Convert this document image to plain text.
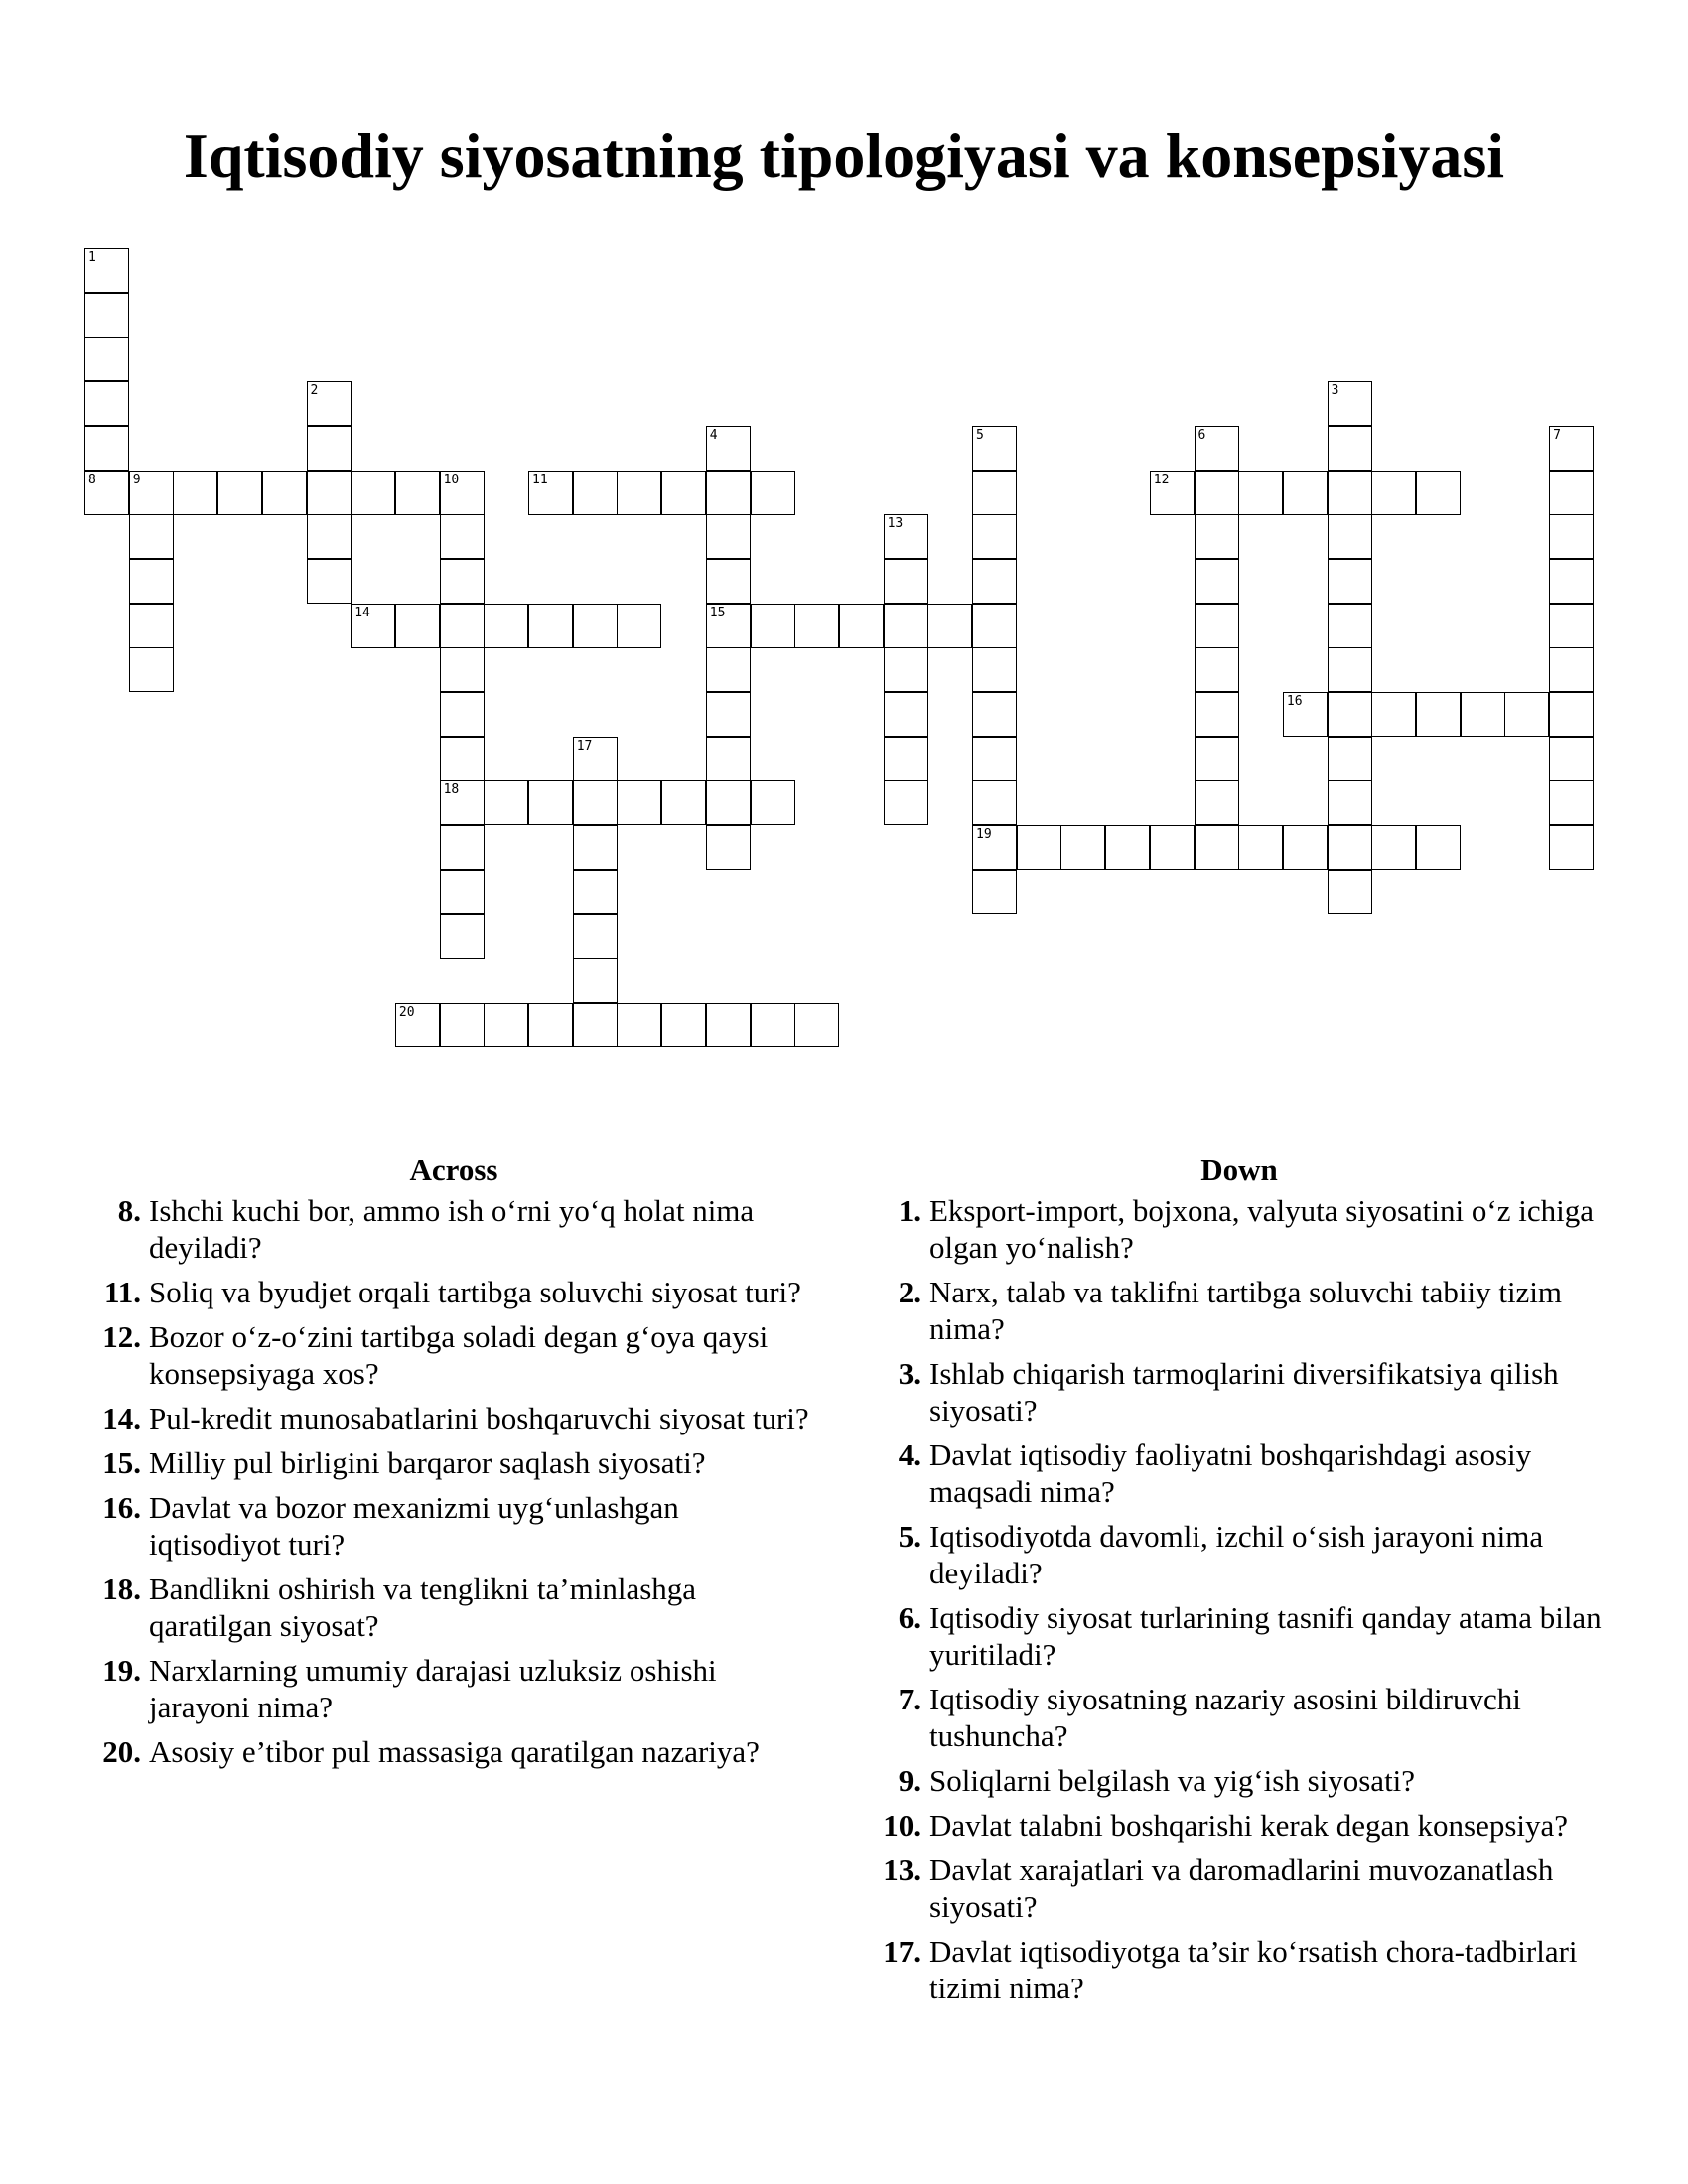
Iqtisodiy siyosatning tipologiyasi va konsepsiyasi
1
8
2	3
4
15
5
19
6	7
9	10
18
11	12
13
14
16
17
20
Across
8. Ishchi kuchi bor, ammo ish o‘rni yo‘q holat nima deyiladi?
11. Soliq va byudjet orqali tartibga soluvchi siyosat turi?
12. Bozor o‘z-o‘zini tartibga soladi degan g‘oya qaysi konsepsiyaga xos?
14. Pul-kredit munosabatlarini boshqaruvchi siyosat turi?
15. Milliy pul birligini barqaror saqlash siyosati?
16. Davlat va bozor mexanizmi uyg‘unlashgan iqtisodiyot turi?
18. Bandlikni oshirish va tenglikni ta’minlashga qaratilgan siyosat?
19. Narxlarning umumiy darajasi uzluksiz oshishi jarayoni nima?
20. Asosiy e’tibor pul massasiga qaratilgan nazariya?
Down
1. Eksport-import, bojxona, valyuta siyosatini o‘z ichiga olgan yo‘nalish?
2. Narx, talab va taklifni tartibga soluvchi tabiiy tizim nima?
3. Ishlab chiqarish tarmoqlarini diversifikatsiya qilish siyosati?
4. Davlat iqtisodiy faoliyatni boshqarishdagi asosiy maqsadi nima?
5. Iqtisodiyotda davomli, izchil o‘sish jarayoni nima deyiladi?
6. Iqtisodiy siyosat turlarining tasnifi qanday atama bilan yuritiladi?
7. Iqtisodiy siyosatning nazariy asosini bildiruvchi tushuncha?
9. Soliqlarni belgilash va yig‘ish siyosati?
10. Davlat talabni boshqarishi kerak degan konsepsiya?
13. Davlat xarajatlari va daromadlarini muvozanatlash siyosati?
17. Davlat iqtisodiyotga ta’sir ko‘rsatish chora-tadbirlari tizimi nima?
